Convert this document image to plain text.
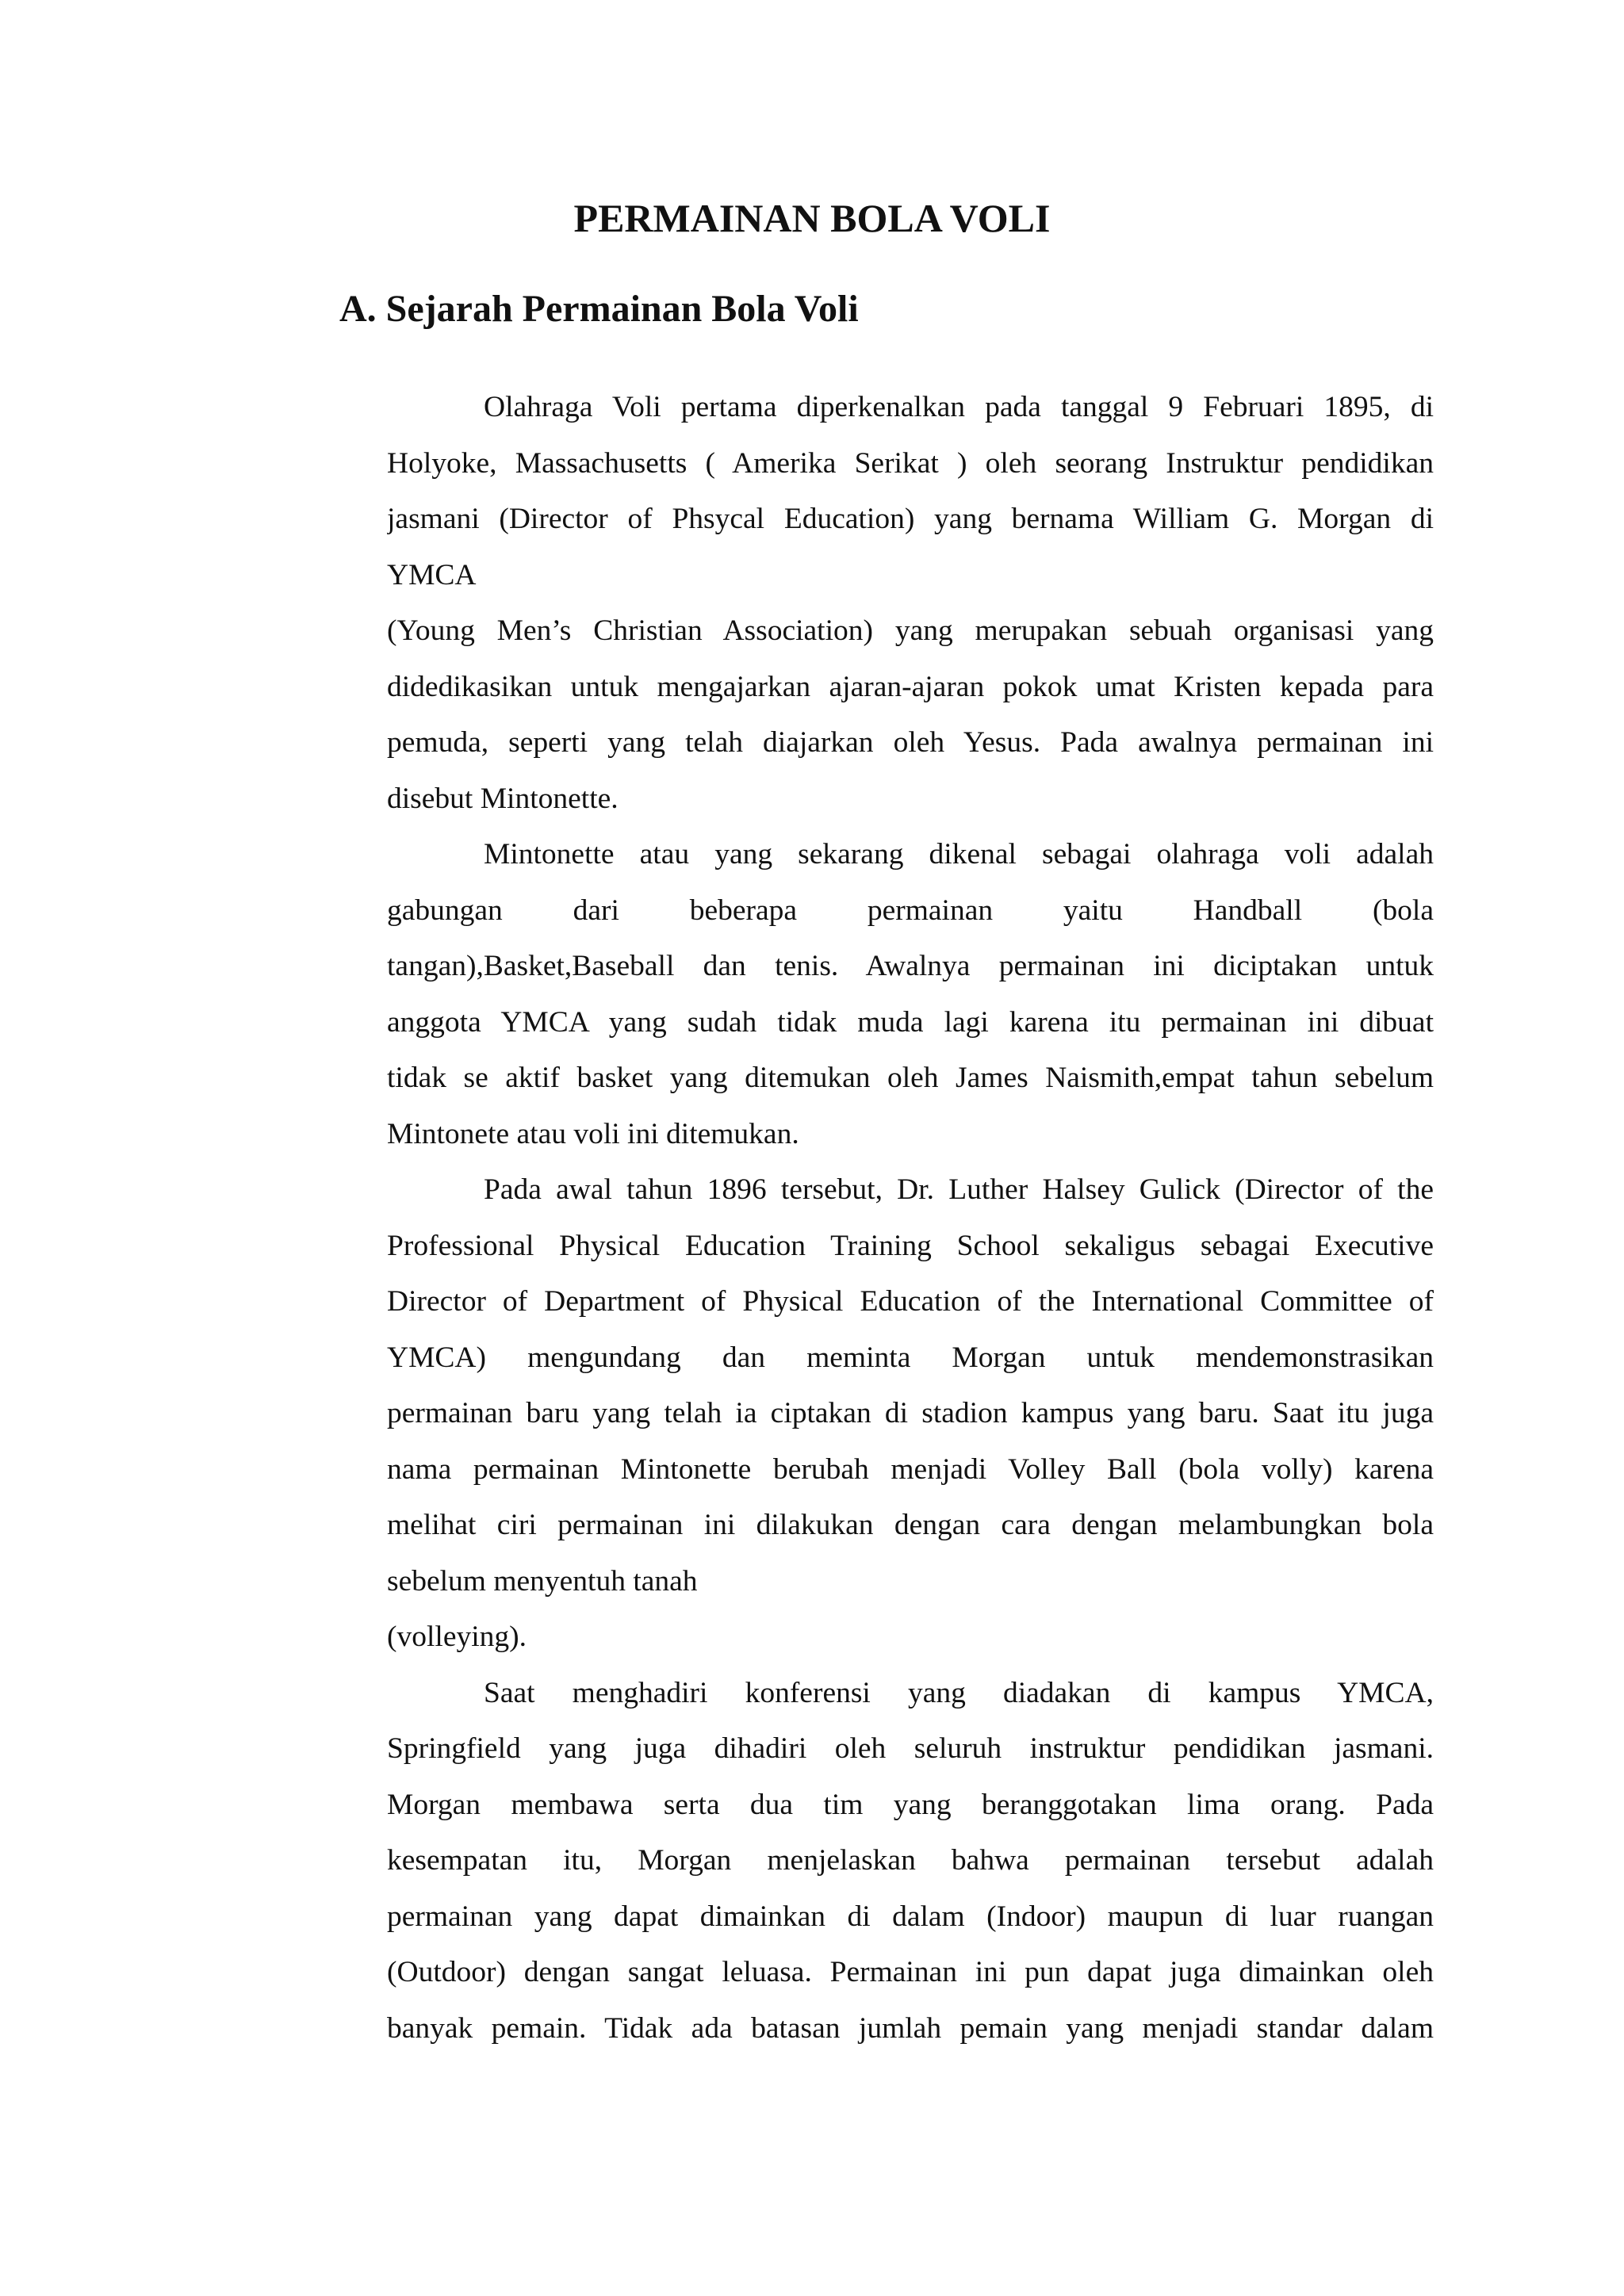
PERMAINAN BOLA VOLI
A. Sejarah Permainan Bola Voli
Olahraga Voli pertama diperkenalkan pada tanggal 9 Februari 1895, di
Holyoke, Massachusetts ( Amerika Serikat ) oleh seorang Instruktur pendidikan
jasmani (Director of Phsycal Education) yang bernama William G. Morgan di
YMCA
(Young Men’s Christian Association) yang merupakan sebuah organisasi yang
didedikasikan untuk mengajarkan ajaran-ajaran pokok umat Kristen kepada para
pemuda, seperti yang telah diajarkan oleh Yesus. Pada awalnya permainan ini
disebut Mintonette.
Mintonette atau yang sekarang dikenal sebagai olahraga voli adalah
gabungan dari beberapa permainan yaitu Handball (bola
tangan),Basket,Baseball dan tenis. Awalnya permainan ini diciptakan untuk
anggota YMCA yang sudah tidak muda lagi karena itu permainan ini dibuat
tidak se aktif basket yang ditemukan oleh James Naismith,empat tahun sebelum
Mintonete atau voli ini ditemukan.
Pada awal tahun 1896 tersebut, Dr. Luther Halsey Gulick (Director of the
Professional Physical Education Training School sekaligus sebagai Executive
Director of Department of Physical Education of the International Committee of
YMCA) mengundang dan meminta Morgan untuk mendemonstrasikan
permainan baru yang telah ia ciptakan di stadion kampus yang baru. Saat itu juga
nama permainan Mintonette berubah menjadi Volley Ball (bola volly) karena
melihat ciri permainan ini dilakukan dengan cara dengan melambungkan bola
sebelum menyentuh tanah
(volleying).
Saat menghadiri konferensi yang diadakan di kampus YMCA,
Springfield yang juga dihadiri oleh seluruh instruktur pendidikan jasmani.
Morgan membawa serta dua tim yang beranggotakan lima orang. Pada
kesempatan itu, Morgan menjelaskan bahwa permainan tersebut adalah
permainan yang dapat dimainkan di dalam (Indoor) maupun di luar ruangan
(Outdoor) dengan sangat leluasa. Permainan ini pun dapat juga dimainkan oleh
banyak pemain. Tidak ada batasan jumlah pemain yang menjadi standar dalam
